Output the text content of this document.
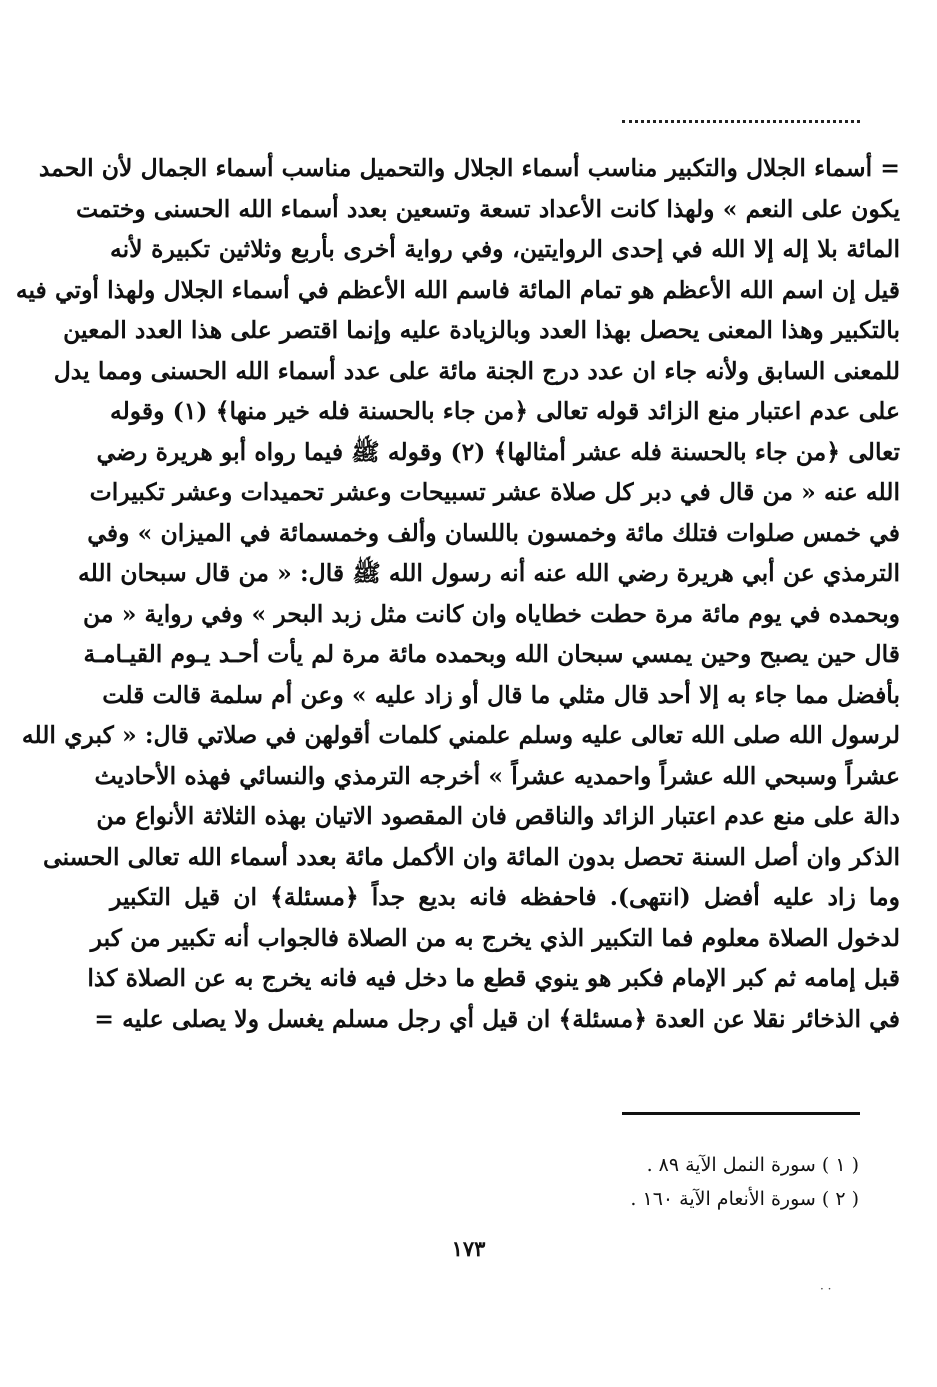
= أسماء الجلال والتكبير مناسب أسماء الجلال والتحميل مناسب أسماء الجمال لأن الحمد
يكون على النعم » ولهذا كانت الأعداد تسعة وتسعين بعدد أسماء الله الحسنى وختمت
المائة بلا إله إلا الله في إحدى الروايتين، وفي رواية أخرى بأربع وثلاثين تكبيرة لأنه
قيل إن اسم الله الأعظم هو تمام المائة فاسم الله الأعظم في أسماء الجلال ولهذا أوتي فيه
بالتكبير وهذا المعنى يحصل بهذا العدد وبالزيادة عليه وإنما اقتصر على هذا العدد المعين
للمعنى السابق ولأنه جاء ان عدد درج الجنة مائة على عدد أسماء الله الحسنى ومما يدل
على عدم اعتبار منع الزائد قوله تعالى ﴿من جاء بالحسنة فله خير منها﴾ (١) وقوله
تعالى ﴿من جاء بالحسنة فله عشر أمثالها﴾ (٢) وقوله ﷺ فيما رواه أبو هريرة رضي
الله عنه « من قال في دبر كل صلاة عشر تسبيحات وعشر تحميدات وعشر تكبيرات
في خمس صلوات فتلك مائة وخمسون باللسان وألف وخمسمائة في الميزان » وفي
الترمذي عن أبي هريرة رضي الله عنه أنه رسول الله ﷺ قال: « من قال سبحان الله
وبحمده في يوم مائة مرة حطت خطاياه وان كانت مثل زبد البحر » وفي رواية « من
قال حين يصبح وحين يمسي سبحان الله وبحمده مائة مرة لم يأت أحـد يـوم القيـامـة
بأفضل مما جاء به إلا أحد قال مثلي ما قال أو زاد عليه » وعن أم سلمة قالت قلت
لرسول الله صلى الله تعالى عليه وسلم علمني كلمات أقولهن في صلاتي قال: « كبري الله
عشراً وسبحي الله عشراً واحمديه عشراً » أخرجه الترمذي والنسائي فهذه الأحاديث
دالة على منع عدم اعتبار الزائد والناقص فان المقصود الاتيان بهذه الثلاثة الأنواع من
الذكر وان أصل السنة تحصل بدون المائة وان الأكمل مائة بعدد أسماء الله تعالى الحسنى
وما زاد عليه أفضل (انتهى). فاحفظه فانه بديع جداً ﴿مسئلة﴾ ان قيل التكبير
لدخول الصلاة معلوم فما التكبير الذي يخرج به من الصلاة فالجواب أنه تكبير من كبر
قبل إمامه ثم كبر الإمام فكبر هو ينوي قطع ما دخل فيه فانه يخرج به عن الصلاة كذا
في الذخائر نقلا عن العدة ﴿مسئلة﴾ ان قيل أي رجل مسلم يغسل ولا يصلى عليه =
( ١ ) سورة النمل الآية ٨٩ .
( ٢ ) سورة الأنعام الآية ١٦٠ .
١٧٣
· ·
